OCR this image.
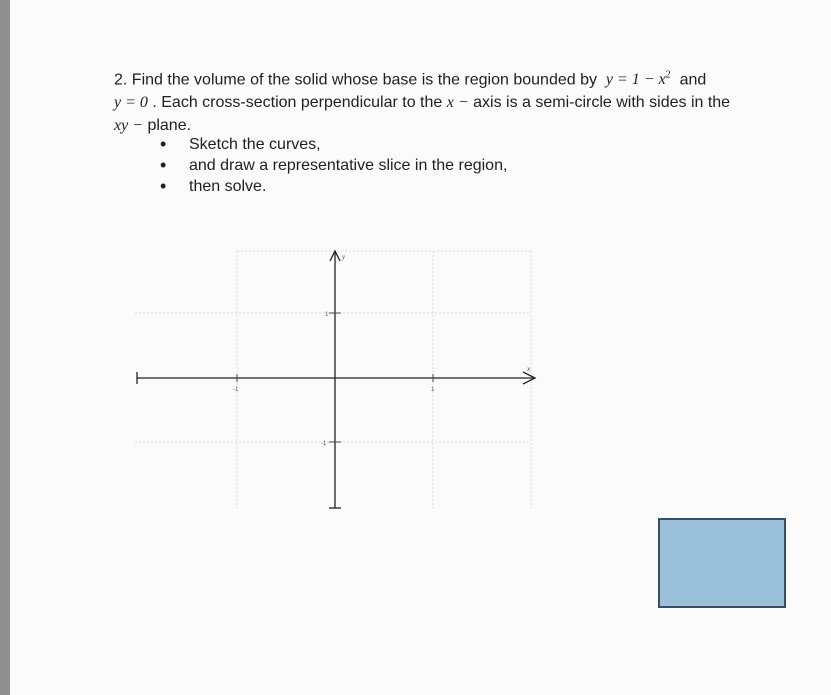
2. Find the volume of the solid whose base is the region bounded by $y = 1 - x^2$ and
y = 0 . Each cross-section perpendicular to the x − axis is a semi-circle with sides in the
xy − plane.
• Sketch the curves,
• and draw a representative slice in the region,
• then solve.
y
x
-1	1
1
-1
